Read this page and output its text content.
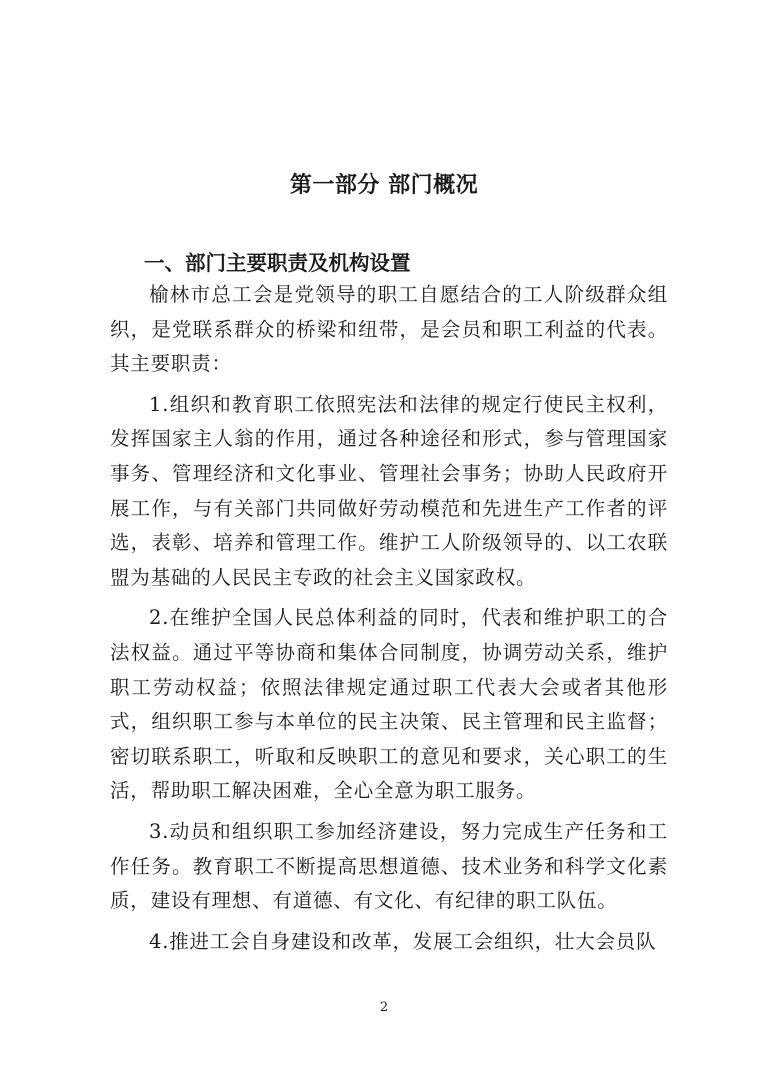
第一部分 部门概况
一、部门主要职责及机构设置

榆林市总工会是党领导的职工自愿结合的工人阶级群众组织，是党联系群众的桥梁和纽带，是会员和职工利益的代表。其主要职责：

1.组织和教育职工依照宪法和法律的规定行使民主权利，发挥国家主人翁的作用，通过各种途径和形式，参与管理国家事务、管理经济和文化事业、管理社会事务；协助人民政府开展工作，与有关部门共同做好劳动模范和先进生产工作者的评选，表彰、培养和管理工作。维护工人阶级领导的、以工农联盟为基础的人民民主专政的社会主义国家政权。

2.在维护全国人民总体利益的同时，代表和维护职工的合法权益。通过平等协商和集体合同制度，协调劳动关系，维护职工劳动权益；依照法律规定通过职工代表大会或者其他形式，组织职工参与本单位的民主决策、民主管理和民主监督；密切联系职工，听取和反映职工的意见和要求，关心职工的生活，帮助职工解决困难，全心全意为职工服务。

3.动员和组织职工参加经济建设，努力完成生产任务和工作任务。教育职工不断提高思想道德、技术业务和科学文化素质，建设有理想、有道德、有文化、有纪律的职工队伍。

4.推进工会自身建设和改革，发展工会组织，壮大会员队

2
